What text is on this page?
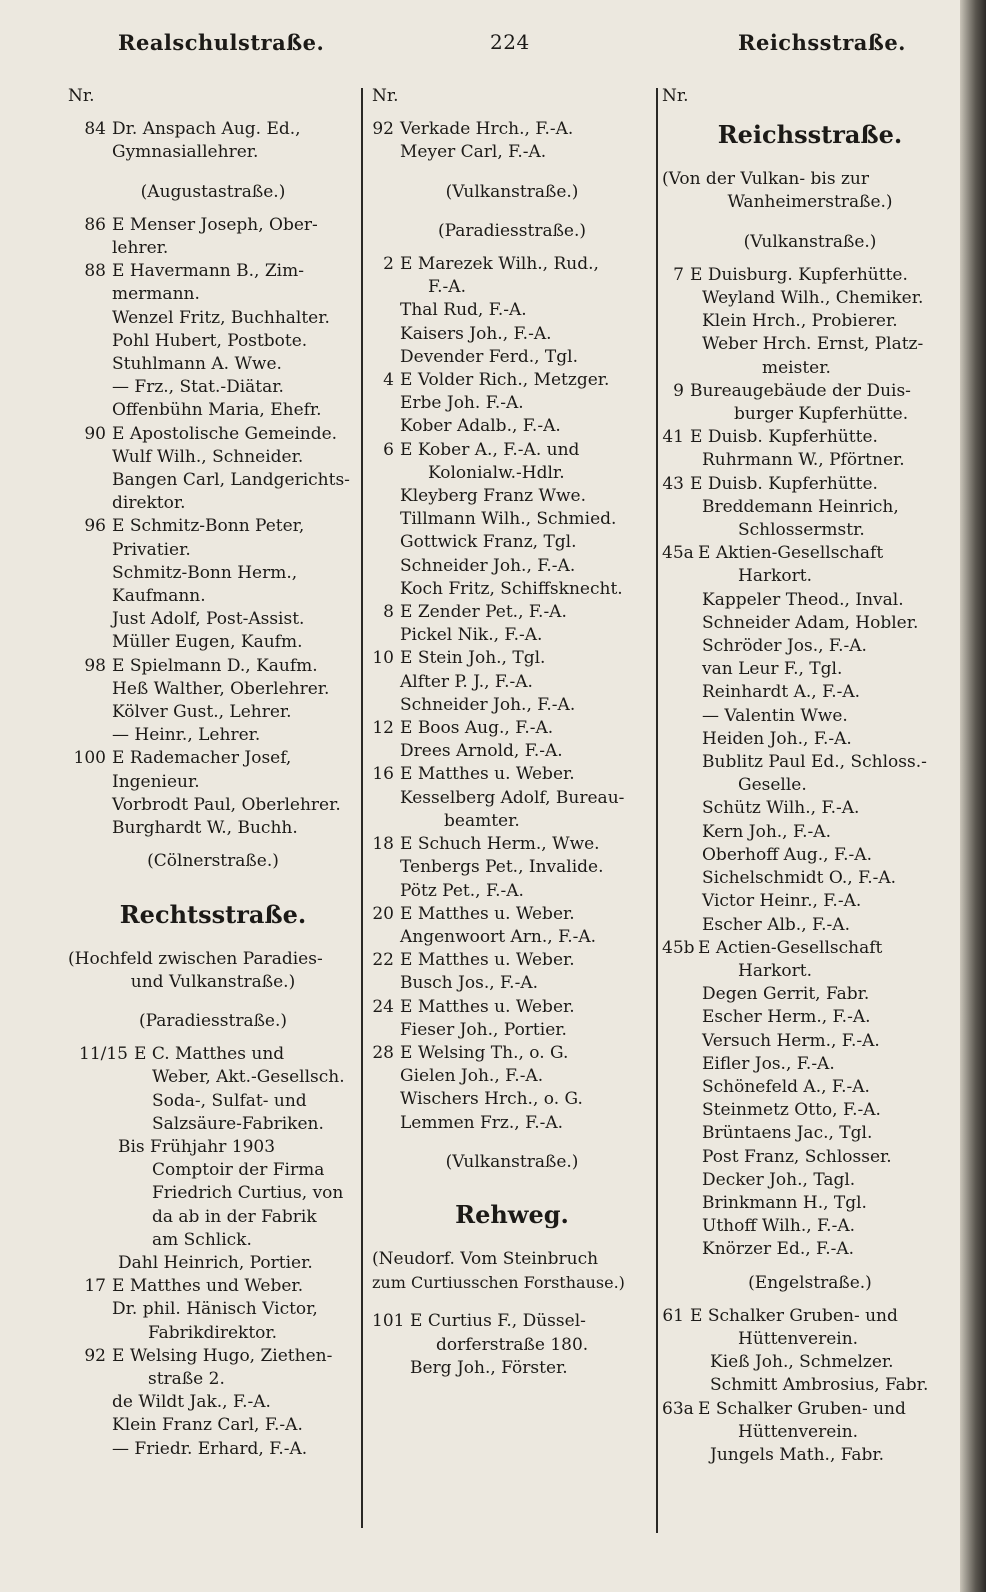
Realschulstraße.	224	Reichsstraße.
Nr.
84 Dr. Anspach Aug. Ed.,
Gymnasiallehrer.
(Augustastraße.)
86 E Menser Joseph, Ober-
lehrer.
88 E Havermann B., Zim-
mermann.
Wenzel Fritz, Buchhalter.
Pohl Hubert, Postbote.
Stuhlmann A. Wwe.
— Frz., Stat.-Diätar.
Offenbühn Maria, Ehefr.
90 E Apostolische Gemeinde.
Wulf Wilh., Schneider.
Bangen Carl, Landgerichts-
direktor.
96 E Schmitz-Bonn Peter,
Privatier.
Schmitz-Bonn Herm.,
Kaufmann.
Just Adolf, Post-Assist.
Müller Eugen, Kaufm.
98 E Spielmann D., Kaufm.
Heß Walther, Oberlehrer.
Kölver Gust., Lehrer.
— Heinr., Lehrer.
100 E Rademacher Josef,
Ingenieur.
Vorbrodt Paul, Oberlehrer.
Burghardt W., Buchh.
(Cölnerstraße.)
Rechtsstraße.
(Hochfeld zwischen Paradies-
und Vulkanstraße.)
(Paradiesstraße.)
11/15 E C. Matthes und
Weber, Akt.-Gesellsch.
Soda-, Sulfat- und
Salzsäure-Fabriken.
Bis Frühjahr 1903
Comptoir der Firma
Friedrich Curtius, von
da ab in der Fabrik
am Schlick.
Dahl Heinrich, Portier.
17 E Matthes und Weber.
Dr. phil. Hänisch Victor,
Fabrikdirektor.
92 E Welsing Hugo, Ziethen-
straße 2.
de Wildt Jak., F.-A.
Klein Franz Carl, F.-A.
— Friedr. Erhard, F.-A.
Nr.
92 Verkade Hrch., F.-A.
Meyer Carl, F.-A.
(Vulkanstraße.)
(Paradiesstraße.)
2 E Marezek Wilh., Rud.,
F.-A.
Thal Rud, F.-A.
Kaisers Joh., F.-A.
Devender Ferd., Tgl.
4 E Volder Rich., Metzger.
Erbe Joh. F.-A.
Kober Adalb., F.-A.
6 E Kober A., F.-A. und
Kolonialw.-Hdlr.
Kleyberg Franz Wwe.
Tillmann Wilh., Schmied.
Gottwick Franz, Tgl.
Schneider Joh., F.-A.
Koch Fritz, Schiffsknecht.
8 E Zender Pet., F.-A.
Pickel Nik., F.-A.
10 E Stein Joh., Tgl.
Alfter P. J., F.-A.
Schneider Joh., F.-A.
12 E Boos Aug., F.-A.
Drees Arnold, F.-A.
16 E Matthes u. Weber.
Kesselberg Adolf, Bureau-
beamter.
18 E Schuch Herm., Wwe.
Tenbergs Pet., Invalide.
Pötz Pet., F.-A.
20 E Matthes u. Weber.
Angenwoort Arn., F.-A.
22 E Matthes u. Weber.
Busch Jos., F.-A.
24 E Matthes u. Weber.
Fieser Joh., Portier.
28 E Welsing Th., o. G.
Gielen Joh., F.-A.
Wischers Hrch., o. G.
Lemmen Frz., F.-A.
(Vulkanstraße.)
Rehweg.
(Neudorf. Vom Steinbruch
zum Curtiusschen Forsthause.)
101 E Curtius F., Düssel-
dorferstraße 180.
Berg Joh., Förster.
Nr.
Reichsstraße.
(Von der Vulkan- bis zur
Wanheimerstraße.)
(Vulkanstraße.)
7 E Duisburg. Kupferhütte.
Weyland Wilh., Chemiker.
Klein Hrch., Probierer.
Weber Hrch. Ernst, Platz-
meister.
9 Bureaugebäude der Duis-
burger Kupferhütte.
41 E Duisb. Kupferhütte.
Ruhrmann W., Pförtner.
43 E Duisb. Kupferhütte.
Breddemann Heinrich,
Schlossermstr.
45a E Aktien-Gesellschaft
Harkort.
Kappeler Theod., Inval.
Schneider Adam, Hobler.
Schröder Jos., F.-A.
van Leur F., Tgl.
Reinhardt A., F.-A.
— Valentin Wwe.
Heiden Joh., F.-A.
Bublitz Paul Ed., Schloss.-
Geselle.
Schütz Wilh., F.-A.
Kern Joh., F.-A.
Oberhoff Aug., F.-A.
Sichelschmidt O., F.-A.
Victor Heinr., F.-A.
Escher Alb., F.-A.
45b E Actien-Gesellschaft
Harkort.
Degen Gerrit, Fabr.
Escher Herm., F.-A.
Versuch Herm., F.-A.
Eifler Jos., F.-A.
Schönefeld A., F.-A.
Steinmetz Otto, F.-A.
Brüntaens Jac., Tgl.
Post Franz, Schlosser.
Decker Joh., Tagl.
Brinkmann H., Tgl.
Uthoff Wilh., F.-A.
Knörzer Ed., F.-A.
(Engelstraße.)
61 E Schalker Gruben- und
Hüttenverein.
Kieß Joh., Schmelzer.
Schmitt Ambrosius, Fabr.
63a E Schalker Gruben- und
Hüttenverein.
Jungels Math., Fabr.
